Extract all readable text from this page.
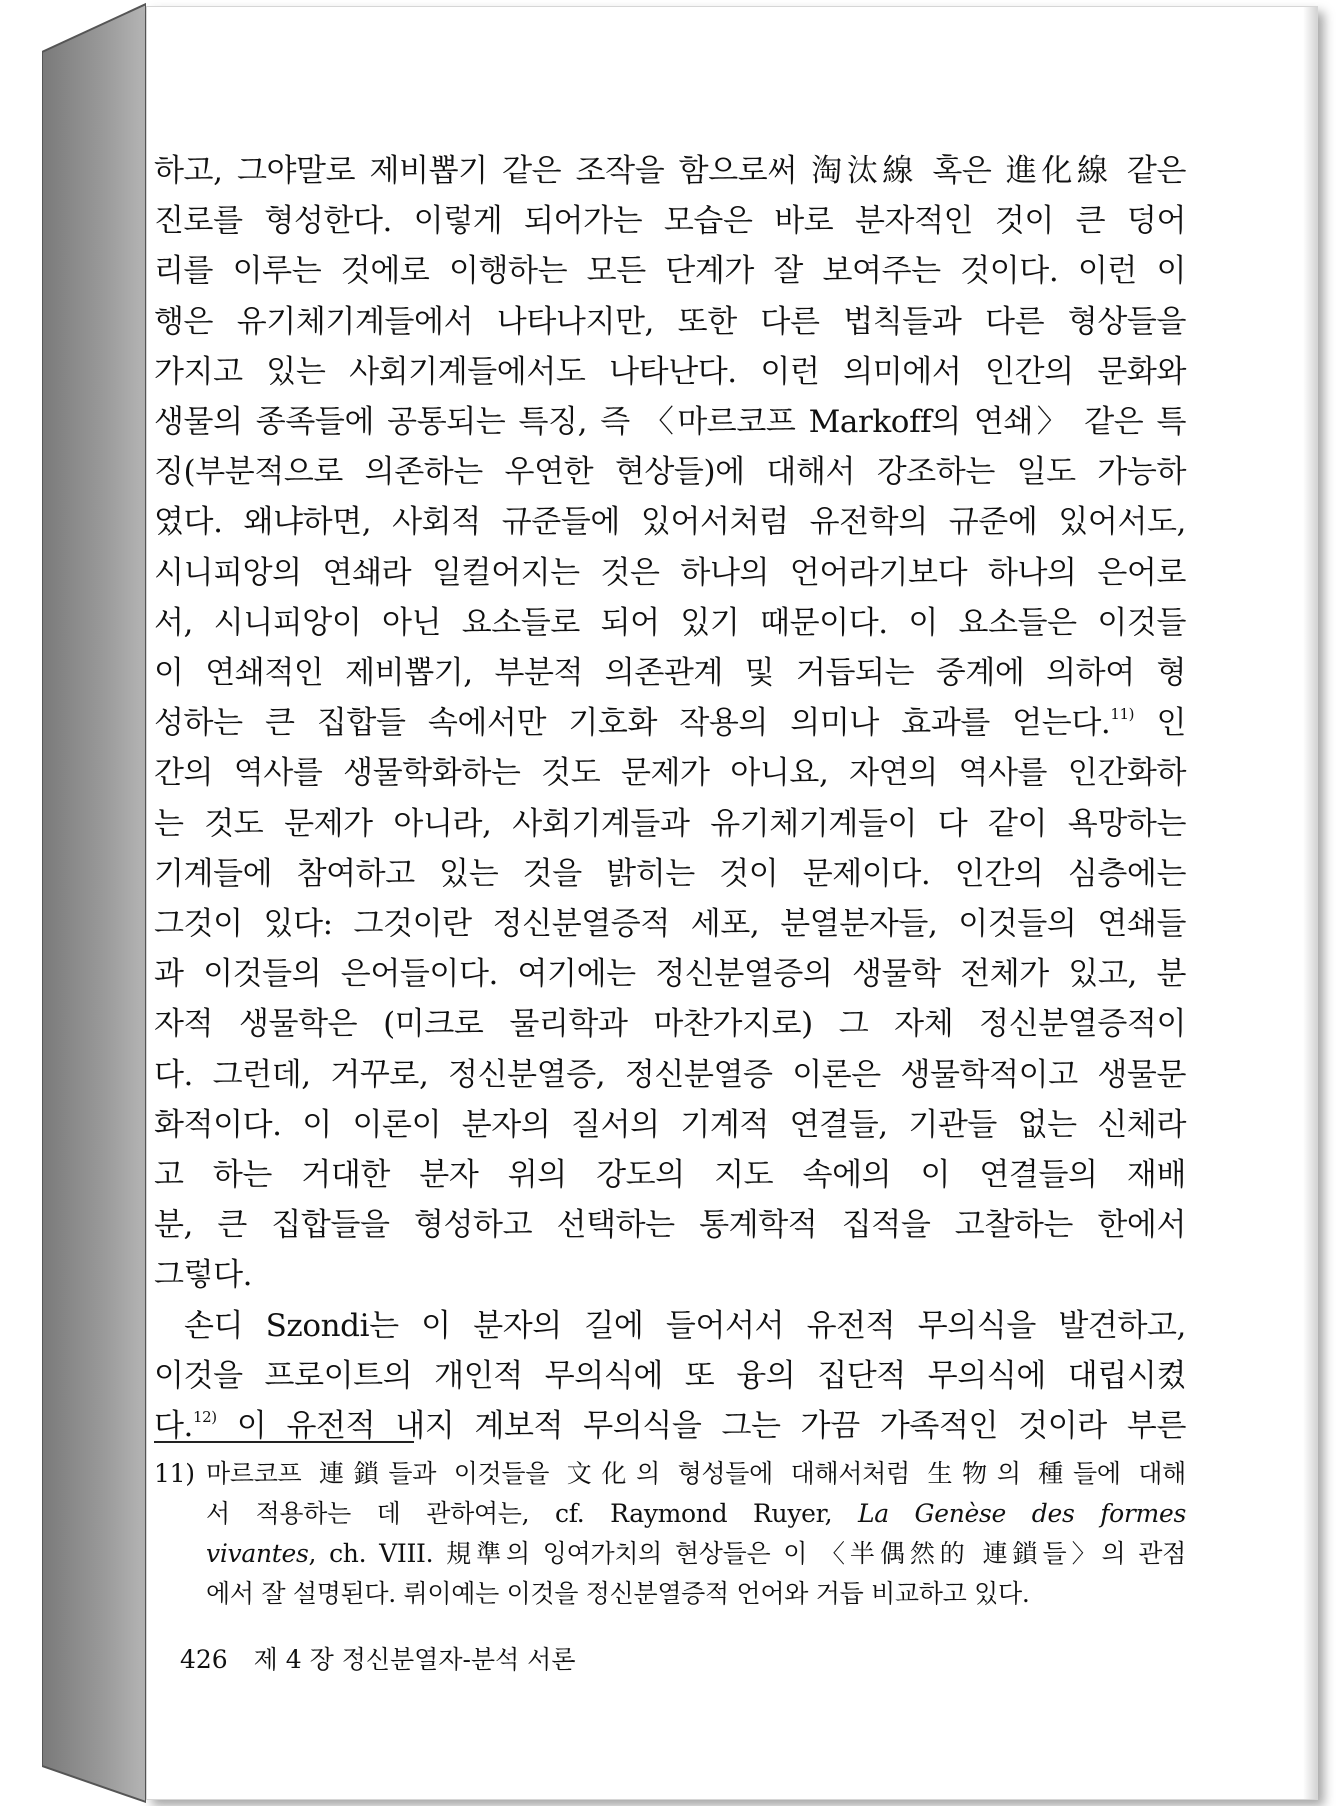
하고, 그야말로 제비뽑기 같은 조작을 함으로써 淘汰線 혹은 進化線 같은
진로를 형성한다. 이렇게 되어가는 모습은 바로 분자적인 것이 큰 덩어
리를 이루는 것에로 이행하는 모든 단계가 잘 보여주는 것이다. 이런 이
행은 유기체기계들에서 나타나지만, 또한 다른 법칙들과 다른 형상들을
가지고 있는 사회기계들에서도 나타난다. 이런 의미에서 인간의 문화와
생물의 종족들에 공통되는 특징, 즉 〈마르코프 Markoff의 연쇄〉 같은 특
징(부분적으로 의존하는 우연한 현상들)에 대해서 강조하는 일도 가능하
였다. 왜냐하면, 사회적 규준들에 있어서처럼 유전학의 규준에 있어서도,
시니피앙의 연쇄라 일컬어지는 것은 하나의 언어라기보다 하나의 은어로
서, 시니피앙이 아닌 요소들로 되어 있기 때문이다. 이 요소들은 이것들
이 연쇄적인 제비뽑기, 부분적 의존관계 및 거듭되는 중계에 의하여 형
성하는 큰 집합들 속에서만 기호화 작용의 의미나 효과를 얻는다.$^{11)}$ 인
간의 역사를 생물학화하는 것도 문제가 아니요, 자연의 역사를 인간화하
는 것도 문제가 아니라, 사회기계들과 유기체기계들이 다 같이 욕망하는
기계들에 참여하고 있는 것을 밝히는 것이 문제이다. 인간의 심층에는
그것이 있다: 그것이란 정신분열증적 세포, 분열분자들, 이것들의 연쇄들
과 이것들의 은어들이다. 여기에는 정신분열증의 생물학 전체가 있고, 분
자적 생물학은 (미크로 물리학과 마찬가지로) 그 자체 정신분열증적이
다. 그런데, 거꾸로, 정신분열증, 정신분열증 이론은 생물학적이고 생물문
화적이다. 이 이론이 분자의 질서의 기계적 연결들, 기관들 없는 신체라
고 하는 거대한 분자 위의 강도의 지도 속에의 이 연결들의 재배
분, 큰 집합들을 형성하고 선택하는 통계학적 집적을 고찰하는 한에서
그렇다.
손디 Szondi는 이 분자의 길에 들어서서 유전적 무의식을 발견하고,
이것을 프로이트의 개인적 무의식에 또 융의 집단적 무의식에 대립시켰
다.$^{12)}$ 이 유전적 내지 계보적 무의식을 그는 가끔 가족적인 것이라 부른
11) 마르코프 連鎖들과 이것들을 文化의 형성들에 대해서처럼 生物의 種들에 대해
서 적용하는 데 관하여는, cf. Raymond Ruyer, La Genèse des formes
vivantes, ch. VIII. 規準의 잉여가치의 현상들은 이 〈半偶然的 連鎖들〉의 관점
에서 잘 설명된다. 뤼이예는 이것을 정신분열증적 언어와 거듭 비교하고 있다.
426 제 4 장 정신분열자-분석 서론
